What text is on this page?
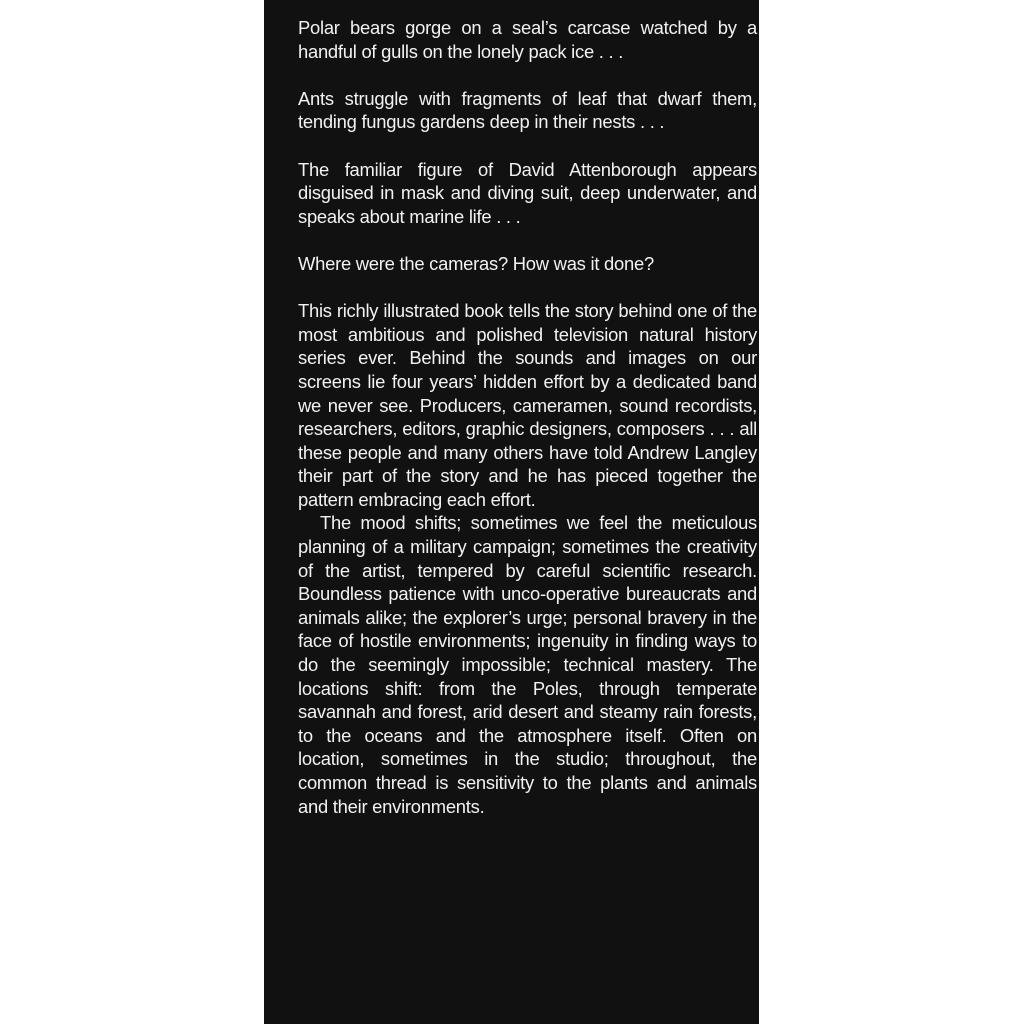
Polar bears gorge on a seal’s carcase watched by a handful of gulls on the lonely pack ice . . .

Ants struggle with fragments of leaf that dwarf them, tending fungus gardens deep in their nests . . .

The familiar figure of David Attenborough appears disguised in mask and diving suit, deep underwater, and speaks about marine life . . .

Where were the cameras? How was it done?

This richly illustrated book tells the story behind one of the most ambitious and polished television natural history series ever. Behind the sounds and images on our screens lie four years’ hidden effort by a dedicated band we never see. Producers, cameramen, sound recordists, researchers, editors, graphic designers, composers . . . all these people and many others have told Andrew Langley their part of the story and he has pieced together the pattern embracing each effort.

The mood shifts; sometimes we feel the meticulous planning of a military campaign; sometimes the creativity of the artist, tempered by careful scientific research. Boundless patience with unco-operative bureaucrats and animals alike; the explorer’s urge; personal bravery in the face of hostile environments; ingenuity in finding ways to do the seemingly impossible; technical mastery. The locations shift: from the Poles, through temperate savannah and forest, arid desert and steamy rain forests, to the oceans and the atmosphere itself. Often on location, sometimes in the studio; throughout, the common thread is sensitivity to the plants and animals and their environments.
